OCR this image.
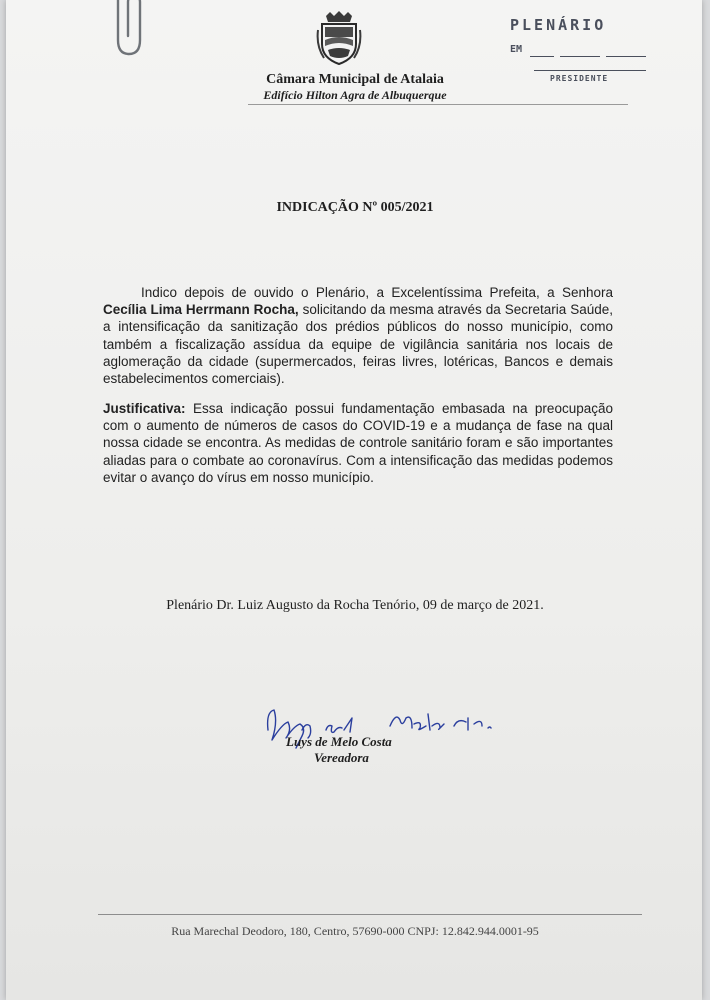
Câmara Municipal de Atalaia
Edifício Hilton Agra de Albuquerque
PLENÁRIO
EM
PRESIDENTE
INDICAÇÃO Nº 005/2021

Indico depois de ouvido o Plenário, a Excelentíssima Prefeita, a Senhora Cecília Lima Herrmann Rocha, solicitando da mesma através da Secretaria Saúde, a intensificação da sanitização dos prédios públicos do nosso município, como também a fiscalização assídua da equipe de vigilância sanitária nos locais de aglomeração da cidade (supermercados, feiras livres, lotéricas, Bancos e demais estabelecimentos comerciais).

Justificativa: Essa indicação possui fundamentação embasada na preocupação com o aumento de números de casos do COVID-19 e a mudança de fase na qual nossa cidade se encontra. As medidas de controle sanitário foram e são importantes aliadas para o combate ao coronavírus. Com a intensificação das medidas podemos evitar o avanço do vírus em nosso município.

Plenário Dr. Luiz Augusto da Rocha Tenório, 09 de março de 2021.
Luys de Melo Costa
Vereadora
Rua Marechal Deodoro, 180, Centro, 57690-000 CNPJ: 12.842.944.0001-95
